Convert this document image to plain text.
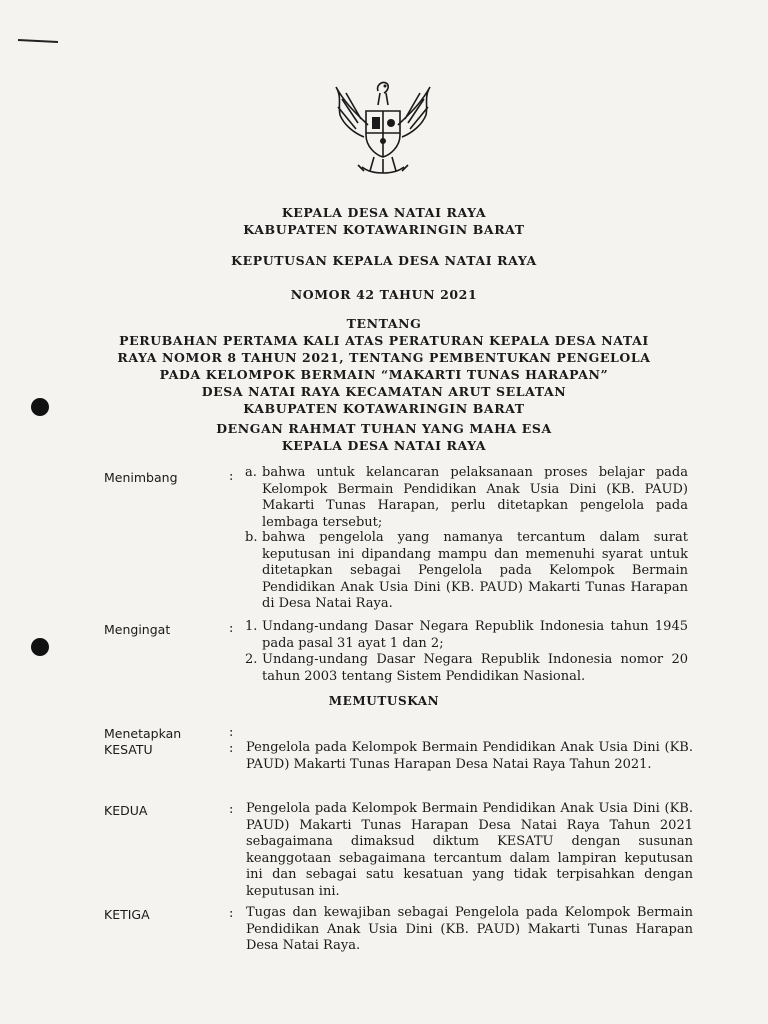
KEPALA DESA NATAI RAYA
KABUPATEN KOTAWARINGIN BARAT
KEPUTUSAN KEPALA DESA NATAI RAYA
NOMOR 42 TAHUN 2021
TENTANG
PERUBAHAN PERTAMA KALI ATAS PERATURAN KEPALA DESA NATAI
RAYA NOMOR 8 TAHUN 2021, TENTANG PEMBENTUKAN PENGELOLA
PADA KELOMPOK BERMAIN “MAKARTI TUNAS HARAPAN”
DESA NATAI RAYA KECAMATAN ARUT SELATAN
KABUPATEN KOTAWARINGIN BARAT
DENGAN RAHMAT TUHAN YANG MAHA ESA
KEPALA DESA NATAI RAYA
Menimbang	: a. bahwa untuk kelancaran pelaksanaan proses belajar pada Kelompok Bermain Pendidikan Anak Usia Dini (KB. PAUD) Makarti Tunas Harapan, perlu ditetapkan pengelola pada lembaga tersebut;
b. bahwa pengelola yang namanya tercantum dalam surat keputusan ini dipandang mampu dan memenuhi syarat untuk ditetapkan sebagai Pengelola pada Kelompok Bermain Pendidikan Anak Usia Dini (KB. PAUD) Makarti Tunas Harapan di Desa Natai Raya.
Mengingat	: 1. Undang-undang Dasar Negara Republik Indonesia tahun 1945 pada pasal 31 ayat 1 dan 2;
2. Undang-undang Dasar Negara Republik Indonesia nomor 20 tahun 2003 tentang Sistem Pendidikan Nasional.
MEMUTUSKAN
Menetapkan	:
KESATU	: Pengelola pada Kelompok Bermain Pendidikan Anak Usia Dini (KB. PAUD) Makarti Tunas Harapan Desa Natai Raya Tahun 2021.
KEDUA	: Pengelola pada Kelompok Bermain Pendidikan Anak Usia Dini (KB. PAUD) Makarti Tunas Harapan Desa Natai Raya Tahun 2021 sebagaimana dimaksud diktum KESATU dengan susunan keanggotaan sebagaimana tercantum dalam lampiran keputusan ini dan sebagai satu kesatuan yang tidak terpisahkan dengan keputusan ini.
KETIGA	: Tugas dan kewajiban sebagai Pengelola pada Kelompok Bermain Pendidikan Anak Usia Dini (KB. PAUD) Makarti Tunas Harapan Desa Natai Raya.
